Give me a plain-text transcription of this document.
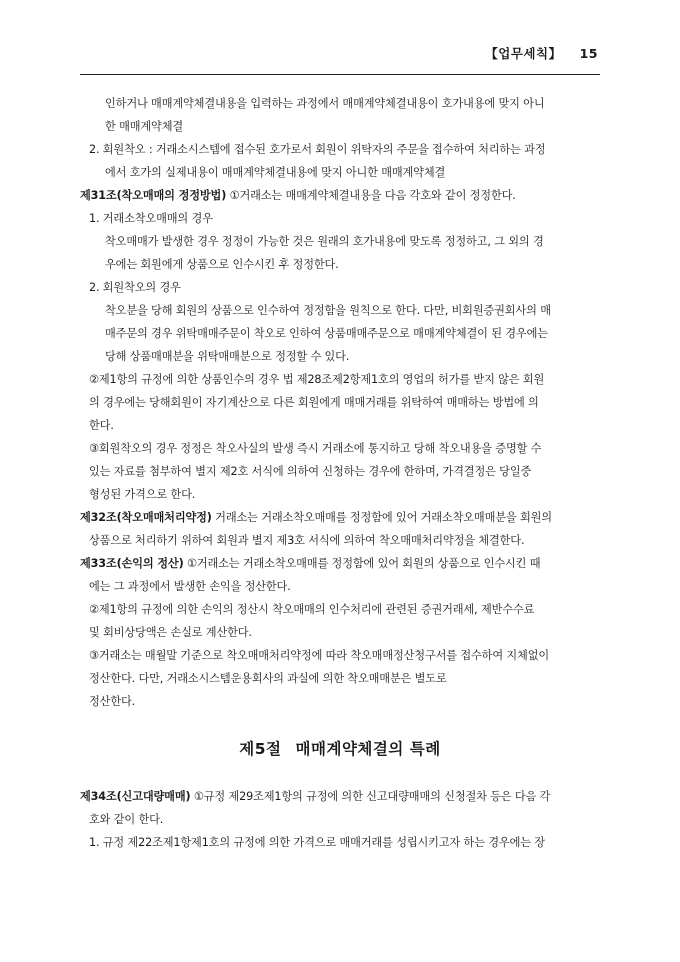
【업무세칙】 15
인하거나 매매계약체결내용을 입력하는 과정에서 매매계약체결내용이 호가내용에 맞지 아니
한 매매계약체결
2. 회원착오 : 거래소시스템에 접수된 호가로서 회원이 위탁자의 주문을 접수하여 처리하는 과정
에서 호가의 실제내용이 매매계약체결내용에 맞지 아니한 매매계약체결
제31조(착오매매의 정정방법) ①거래소는 매매계약체결내용을 다음 각호와 같이 정정한다.
1. 거래소착오매매의 경우
착오매매가 발생한 경우 정정이 가능한 것은 원래의 호가내용에 맞도록 정정하고, 그 외의 경
우에는 회원에게 상품으로 인수시킨 후 정정한다.
2. 회원착오의 경우
착오분을 당해 회원의 상품으로 인수하여 정정함을 원칙으로 한다. 다만, 비회원증권회사의 매
매주문의 경우 위탁매매주문이 착오로 인하여 상품매매주문으로 매매계약체결이 된 경우에는
당해 상품매매분을 위탁매매분으로 정정할 수 있다.
②제1항의 규정에 의한 상품인수의 경우 법 제28조제2항제1호의 영업의 허가를 받지 않은 회원
의 경우에는 당해회원이 자기계산으로 다른 회원에게 매매거래를 위탁하여 매매하는 방법에 의
한다.
③회원착오의 경우 정정은 착오사실의 발생 즉시 거래소에 통지하고 당해 착오내용을 증명할 수
있는 자료를 첨부하여 별지 제2호 서식에 의하여 신청하는 경우에 한하며, 가격결정은 당일중
형성된 가격으로 한다.
제32조(착오매매처리약정) 거래소는 거래소착오매매를 정정함에 있어 거래소착오매매분을 회원의
상품으로 처리하기 위하여 회원과 별지 제3호 서식에 의하여 착오매매처리약정을 체결한다.
제33조(손익의 정산) ①거래소는 거래소착오매매를 정정함에 있어 회원의 상품으로 인수시킨 때
에는 그 과정에서 발생한 손익을 정산한다.
②제1항의 규정에 의한 손익의 정산시 착오매매의 인수처리에 관련된 증권거래세, 제반수수료
및 회비상당액은 손실로 계산한다.
③거래소는 매월말 기준으로 착오매매처리약정에 따라 착오매매정산청구서를 접수하여 지체없이
정산한다. 다만, 거래소시스템운용회사의 과실에 의한 착오매매분은 별도로
정산한다.
제5절 매매계약체결의 특례
제34조(신고대량매매) ①규정 제29조제1항의 규정에 의한 신고대량매매의 신청절차 등은 다음 각
호와 같이 한다.
1. 규정 제22조제1항제1호의 규정에 의한 가격으로 매매거래를 성립시키고자 하는 경우에는 장
